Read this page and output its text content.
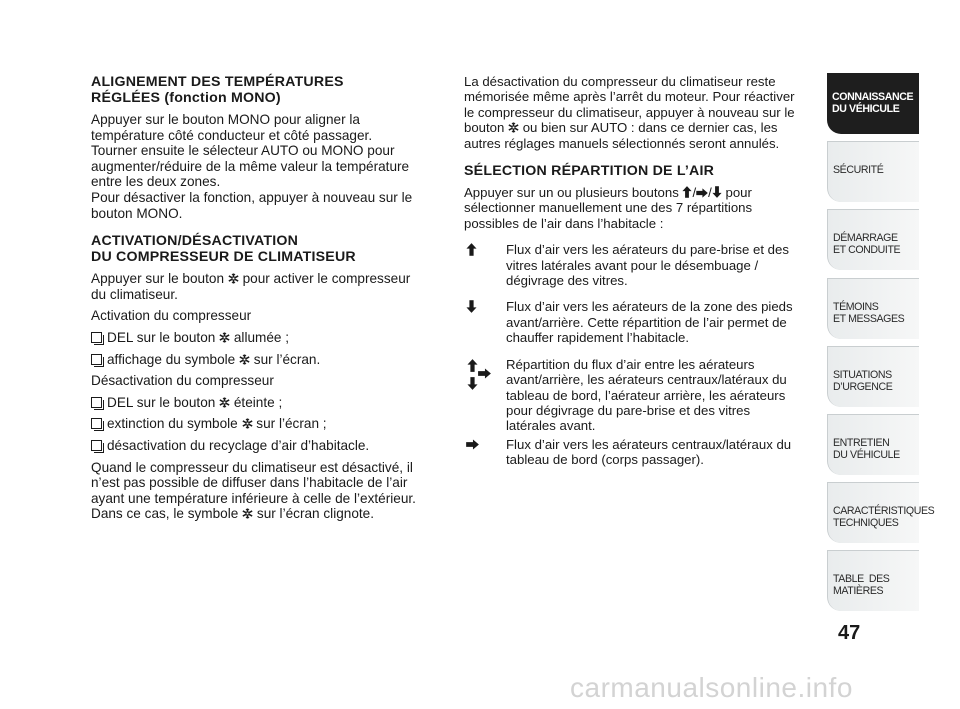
ALIGNEMENT DES TEMPÉRATURES

RÉGLÉES (fonction MONO)

Appuyer sur le bouton MONO pour aligner la

température côté conducteur et côté passager.

Tourner ensuite le sélecteur AUTO ou MONO pour

augmenter/réduire de la même valeur la température

entre les deux zones.

Pour désactiver la fonction, appuyer à nouveau sur le

bouton MONO.

ACTIVATION/DÉSACTIVATION

DU COMPRESSEUR DE CLIMATISEUR

Appuyer sur le bouton pour activer le compresseur

du climatiseur.

Activation du compresseur

DEL sur le bouton allumée ;

affichage du symbole sur l’écran.

Désactivation du compresseur

DEL sur le bouton éteinte ;

extinction du symbole sur l’écran ;

désactivation du recyclage d’air d’habitacle.

Quand le compresseur du climatiseur est désactivé, il

n’est pas possible de diffuser dans l’habitacle de l’air

ayant une température inférieure à celle de l’extérieur.

Dans ce cas, le symbole sur l’écran clignote.

La désactivation du compresseur du climatiseur reste

mémorisée même après l’arrêt du moteur. Pour réactiver

le compresseur du climatiseur, appuyer à nouveau sur le

bouton ou bien sur AUTO : dans ce dernier cas, les

autres réglages manuels sélectionnés seront annulés.

SÉLECTION RÉPARTITION DE L’AIR

Appuyer sur un ou plusieurs boutons / / pour

sélectionner manuellement une des 7 répartitions

possibles de l’air dans l’habitacle :

Flux d’air vers les aérateurs du pare-brise et des

vitres latérales avant pour le désembuage /

dégivrage des vitres.

Flux d’air vers les aérateurs de la zone des pieds

avant/arrière. Cette répartition de l’air permet de

chauffer rapidement l’habitacle.

Répartition du flux d’air entre les aérateurs

avant/arrière, les aérateurs centraux/latéraux du

tableau de bord, l’aérateur arrière, les aérateurs

pour dégivrage du pare-brise et des vitres

latérales avant.

Flux d’air vers les aérateurs centraux/latéraux du

tableau de bord (corps passager).

CONNAISSANCE
DU VÉHICULE
SÉCURITÉ
DÉMARRAGE
ET CONDUITE
TÉMOINS
ET MESSAGES
SITUATIONS
D’URGENCE
ENTRETIEN
DU VÉHICULE
CARACTÉRISTIQUES
TECHNIQUES
TABLE  DES
MATIÈRES
47
carmanualsonline.info
